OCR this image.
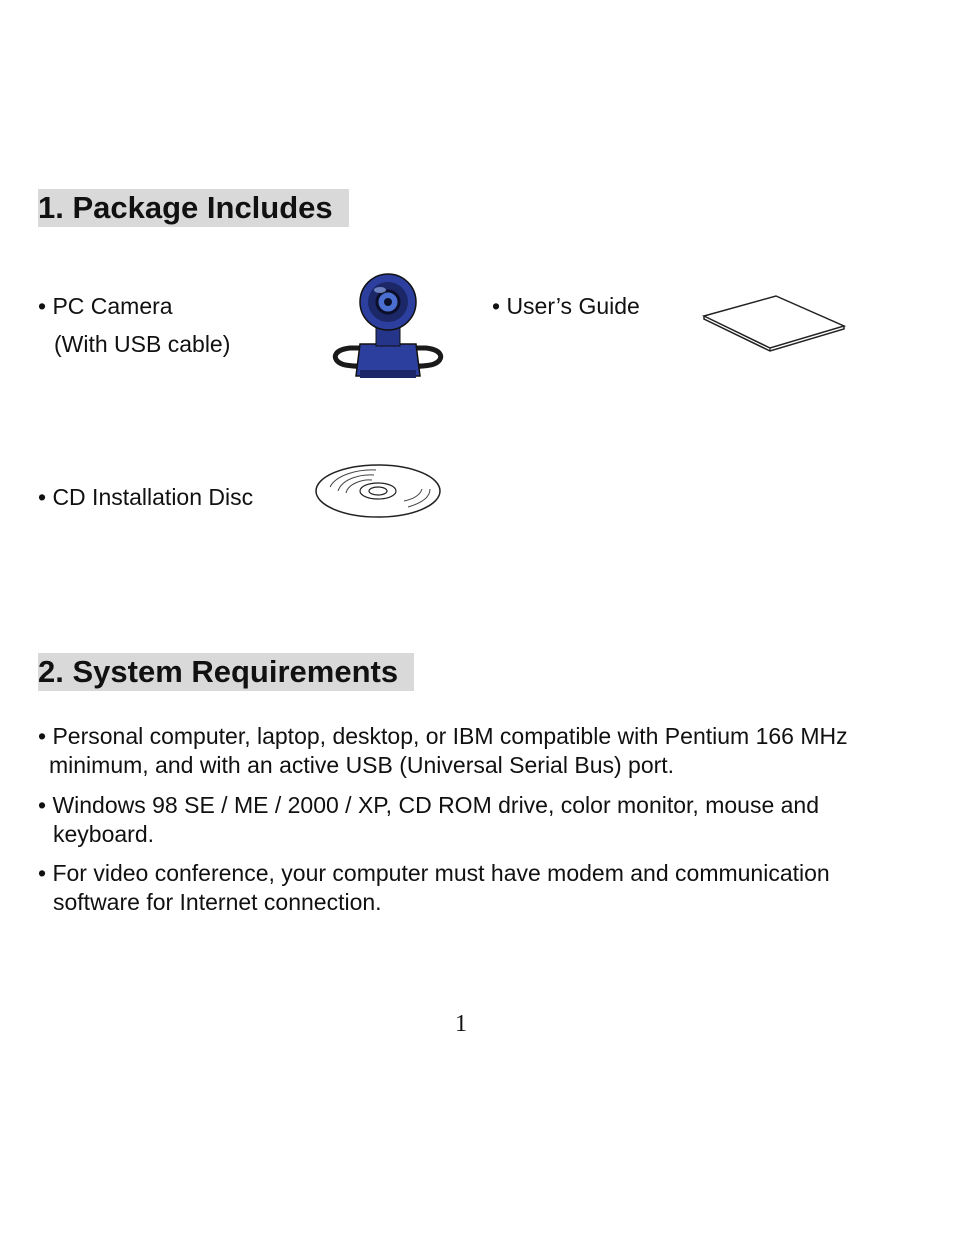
1. Package Includes
• PC Camera
(With USB cable)
• User’s Guide
• CD Installation Disc
2. System Requirements
• Personal computer, laptop, desktop, or IBM compatible with Pentium 166 MHz
minimum, and with an active USB (Universal Serial Bus) port.
• Windows 98 SE / ME / 2000 / XP, CD ROM drive, color monitor, mouse and
keyboard.
• For video conference, your computer must have modem and communication
software for Internet connection.
1
